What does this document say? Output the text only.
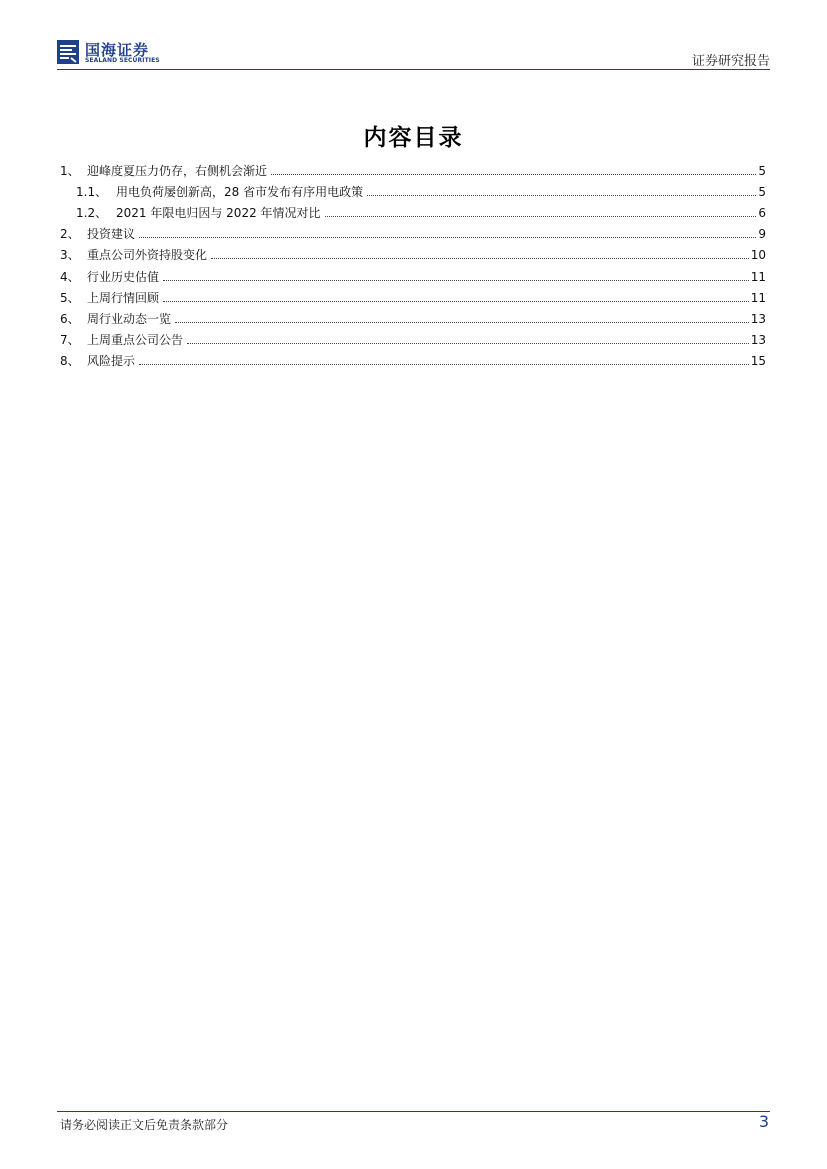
国海证券
SEALAND SECURITIES	证券研究报告
内容目录
1、 迎峰度夏压力仍存，右侧机会渐近	5
1.1、 用电负荷屡创新高，28 省市发布有序用电政策	5
1.2、 2021 年限电归因与 2022 年情况对比	6
2、 投资建议	9
3、 重点公司外资持股变化	10
4、 行业历史估值	11
5、 上周行情回顾	11
6、 周行业动态一览	13
7、 上周重点公司公告	13
8、 风险提示	15
请务必阅读正文后免责条款部分	3
